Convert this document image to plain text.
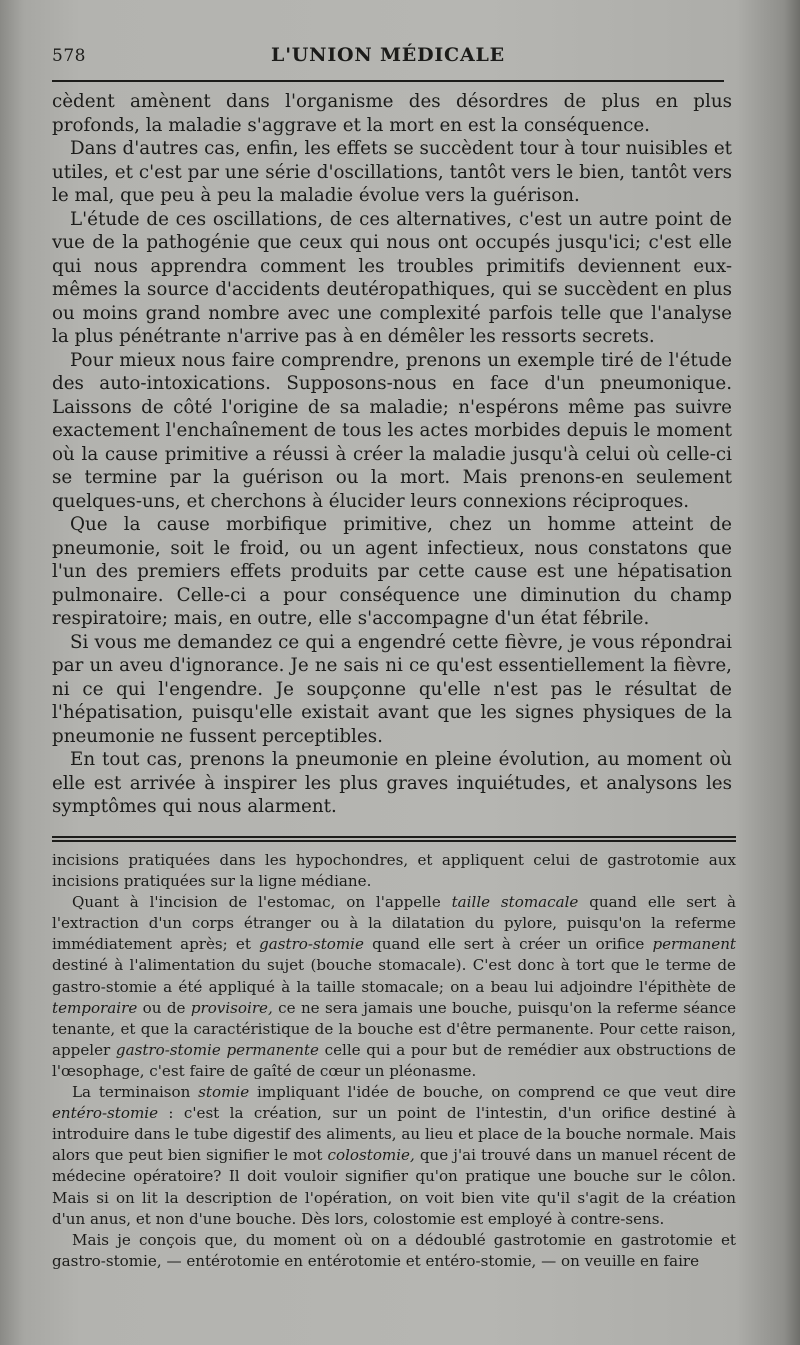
578	L'UNION MÉDICALE

cèdent amènent dans l'organisme des désordres de plus en plus profonds, la maladie s'aggrave et la mort en est la conséquence.

Dans d'autres cas, enfin, les effets se succèdent tour à tour nuisibles et utiles, et c'est par une série d'oscillations, tantôt vers le bien, tantôt vers le mal, que peu à peu la maladie évolue vers la guérison.

L'étude de ces oscillations, de ces alternatives, c'est un autre point de vue de la pathogénie que ceux qui nous ont occupés jusqu'ici; c'est elle qui nous apprendra comment les troubles primitifs deviennent eux-mêmes la source d'accidents deutéropathiques, qui se succèdent en plus ou moins grand nombre avec une complexité parfois telle que l'analyse la plus pénétrante n'arrive pas à en démêler les ressorts secrets.

Pour mieux nous faire comprendre, prenons un exemple tiré de l'étude des auto-intoxications. Supposons-nous en face d'un pneumonique. Laissons de côté l'origine de sa maladie; n'espérons même pas suivre exactement l'enchaînement de tous les actes morbides depuis le moment où la cause primitive a réussi à créer la maladie jusqu'à celui où celle-ci se termine par la guérison ou la mort. Mais prenons-en seulement quelques-uns, et cherchons à élucider leurs connexions réciproques.

Que la cause morbifique primitive, chez un homme atteint de pneumonie, soit le froid, ou un agent infectieux, nous constatons que l'un des premiers effets produits par cette cause est une hépatisation pulmonaire. Celle-ci a pour conséquence une diminution du champ respiratoire; mais, en outre, elle s'accompagne d'un état fébrile.

Si vous me demandez ce qui a engendré cette fièvre, je vous répondrai par un aveu d'ignorance. Je ne sais ni ce qu'est essentiellement la fièvre, ni ce qui l'engendre. Je soupçonne qu'elle n'est pas le résultat de l'hépatisation, puisqu'elle existait avant que les signes physiques de la pneumonie ne fussent perceptibles.

En tout cas, prenons la pneumonie en pleine évolution, au moment où elle est arrivée à inspirer les plus graves inquiétudes, et analysons les symptômes qui nous alarment.

incisions pratiquées dans les hypochondres, et appliquent celui de gastrotomie aux incisions pratiquées sur la ligne médiane.

Quant à l'incision de l'estomac, on l'appelle taille stomacale quand elle sert à l'extraction d'un corps étranger ou à la dilatation du pylore, puisqu'on la referme immédiatement après; et gastro-stomie quand elle sert à créer un orifice permanent destiné à l'alimentation du sujet (bouche stomacale). C'est donc à tort que le terme de gastro-stomie a été appliqué à la taille stomacale; on a beau lui adjoindre l'épithète de temporaire ou de provisoire, ce ne sera jamais une bouche, puisqu'on la referme séance tenante, et que la caractéristique de la bouche est d'être permanente. Pour cette raison, appeler gastro-stomie permanente celle qui a pour but de remédier aux obstructions de l'œsophage, c'est faire de gaîté de cœur un pléonasme.

La terminaison stomie impliquant l'idée de bouche, on comprend ce que veut dire entéro-stomie : c'est la création, sur un point de l'intestin, d'un orifice destiné à introduire dans le tube digestif des aliments, au lieu et place de la bouche normale. Mais alors que peut bien signifier le mot colostomie, que j'ai trouvé dans un manuel récent de médecine opératoire? Il doit vouloir signifier qu'on pratique une bouche sur le côlon. Mais si on lit la description de l'opération, on voit bien vite qu'il s'agit de la création d'un anus, et non d'une bouche. Dès lors, colostomie est employé à contre-sens.

Mais je conçois que, du moment où on a dédoublé gastrotomie en gastrotomie et gastro-stomie, — entérotomie en entérotomie et entéro-stomie, — on veuille en faire
